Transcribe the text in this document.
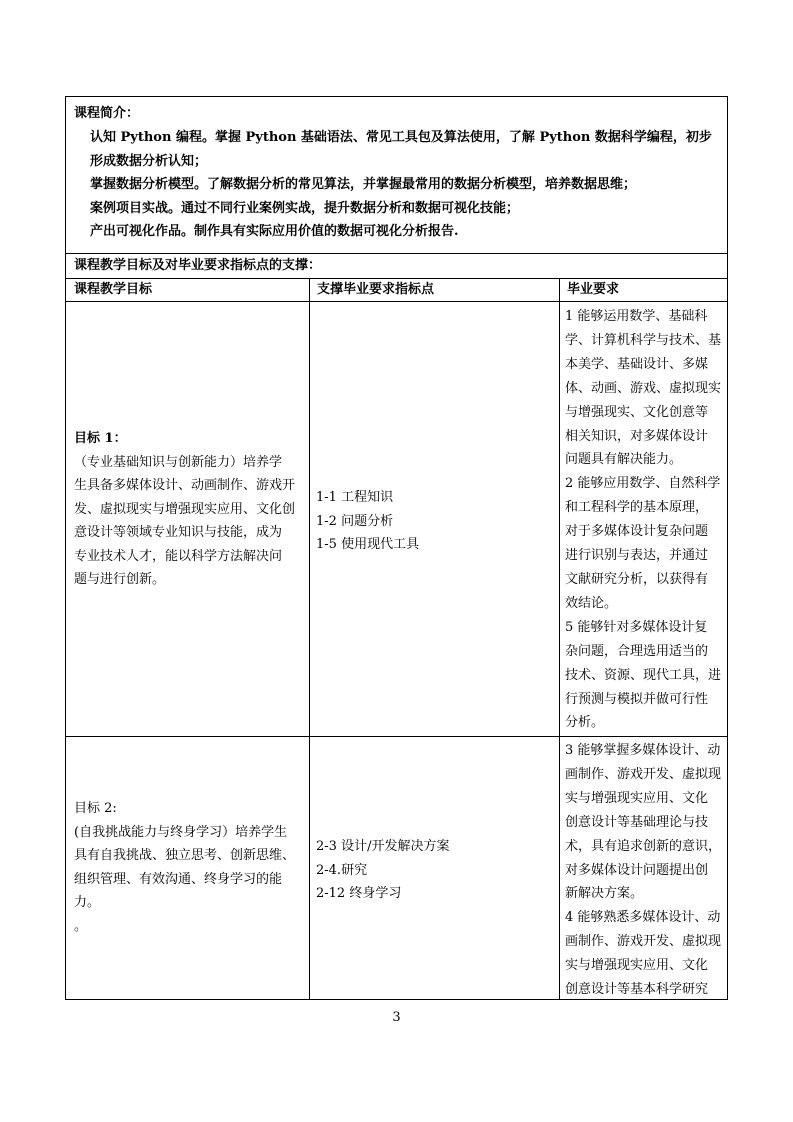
课程简介：
认知 Python 编程。掌握 Python 基础语法、常见工具包及算法使用，了解 Python 数据科学编程，初步
形成数据分析认知；
掌握数据分析模型。了解数据分析的常见算法，并掌握最常用的数据分析模型，培养数据思维；
案例项目实战。通过不同行业案例实战，提升数据分析和数据可视化技能；
产出可视化作品。制作具有实际应用价值的数据可视化分析报告.
课程教学目标及对毕业要求指标点的支撑：
课程教学目标	支撑毕业要求指标点	毕业要求
目标 1：
（专业基础知识与创新能力）培养学
生具备多媒体设计、动画制作、游戏开
发、虚拟现实与增强现实应用、文化创
意设计等领域专业知识与技能，成为
专业技术人才，能以科学方法解决问
题与进行创新。
1-1 工程知识
1-2 问题分析
1-5 使用现代工具
1 能够运用数学、基础科
学、计算机科学与技术、基
本美学、基础设计、多媒
体、动画、游戏、虚拟现实
与增强现实、文化创意等
相关知识，对多媒体设计
问题具有解决能力。
2 能够应用数学、自然科学
和工程科学的基本原理，
对于多媒体设计复杂问题
进行识别与表达，并通过
文献研究分析，以获得有
效结论。
5 能够针对多媒体设计复
杂问题，合理选用适当的
技术、资源、现代工具，进
行预测与模拟并做可行性
分析。
目标 2:
(自我挑战能力与终身学习）培养学生
具有自我挑战、独立思考、创新思维、
组织管理、有效沟通、终身学习的能
力。
。
2-3 设计/开发解决方案
2-4.研究
2-12 终身学习
3 能够掌握多媒体设计、动
画制作、游戏开发、虚拟现
实与增强现实应用、文化
创意设计等基础理论与技
术，具有追求创新的意识，
对多媒体设计问题提出创
新解决方案。
4 能够熟悉多媒体设计、动
画制作、游戏开发、虚拟现
实与增强现实应用、文化
创意设计等基本科学研究
3
